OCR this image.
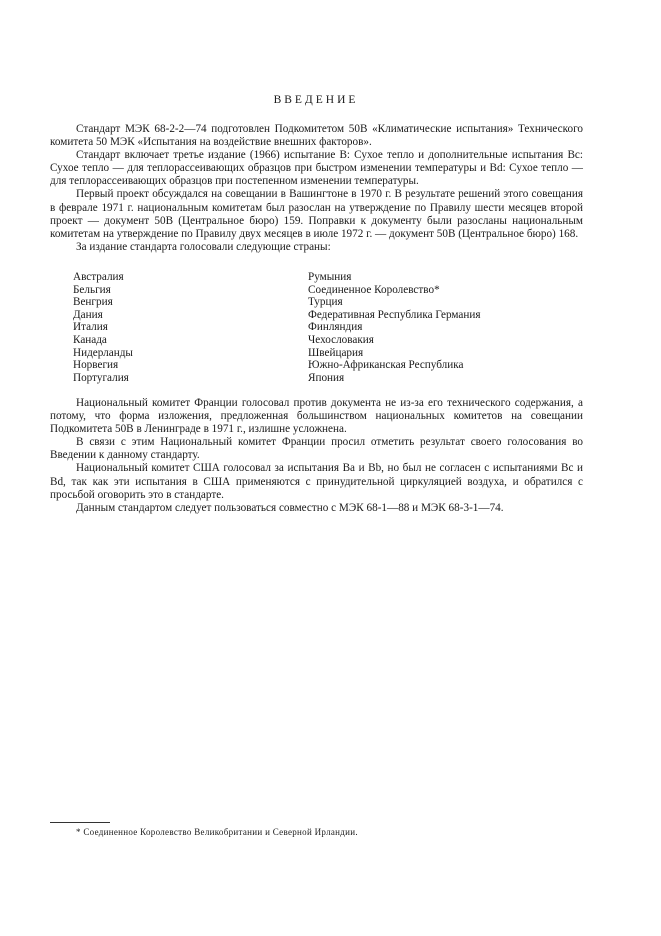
ВВЕДЕНИЕ

Стандарт МЭК 68-2-2—74 подготовлен Подкомитетом 50В «Климатические испытания» Технического комитета 50 МЭК «Испытания на воздействие внешних факторов».

Стандарт включает третье издание (1966) испытание В: Сухое тепло и дополнительные испытания Вс: Сухое тепло — для теплорассеивающих образцов при быстром изменении температуры и Bd: Сухое тепло — для теплорассеивающих образцов при постепенном изменении температуры.

Первый проект обсуждался на совещании в Вашингтоне в 1970 г. В результате решений этого совещания в феврале 1971 г. национальным комитетам был разослан на утверждение по Правилу шести месяцев второй проект — документ 50В (Центральное бюро) 159. Поправки к документу были разосланы национальным комитетам на утверждение по Правилу двух месяцев в июле 1972 г. — документ 50В (Центральное бюро) 168.

За издание стандарта голосовали следующие страны:

Австралия
Бельгия
Венгрия
Дания
Италия
Канада
Нидерланды
Норвегия
Португалия
Румыния
Соединенное Королевство*
Турция
Федеративная Республика Германия
Финляндия
Чехословакия
Швейцария
Южно-Африканская Республика
Япония

Национальный комитет Франции голосовал против документа не из-за его технического содержания, а потому, что форма изложения, предложенная большинством национальных комитетов на совещании Подкомитета 50В в Ленинграде в 1971 г., излишне усложнена.

В связи с этим Национальный комитет Франции просил отметить результат своего голосования во Введении к данному стандарту.

Национальный комитет США голосовал за испытания Ва и Bb, но был не согласен с испытаниями Вс и Bd, так как эти испытания в США применяются с принудительной циркуляцией воздуха, и обратился с просьбой оговорить это в стандарте.

Данным стандартом следует пользоваться совместно с МЭК 68-1—88 и МЭК 68-3-1—74.

* Соединенное Королевство Великобритании и Северной Ирландии.
